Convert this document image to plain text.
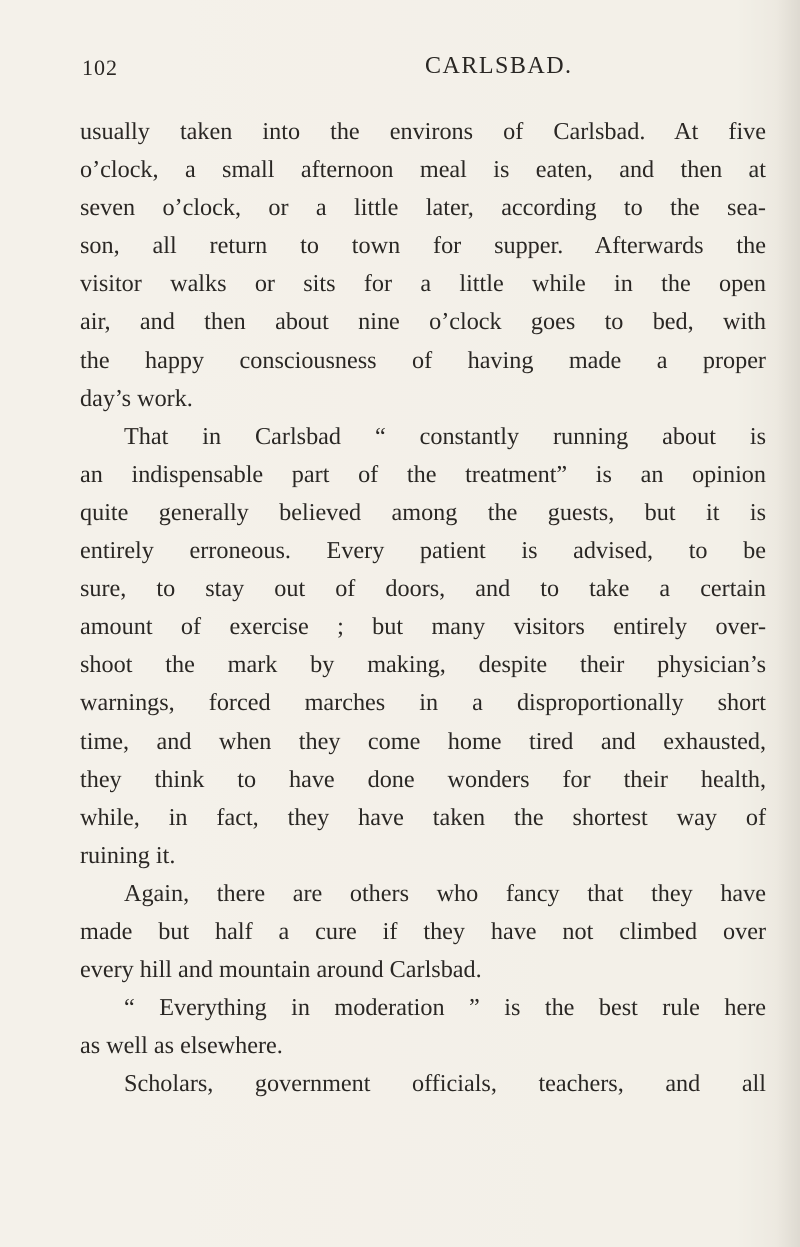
102	CARLSBAD.
usually taken into the environs of Carlsbad. At five
o’clock, a small afternoon meal is eaten, and then at
seven o’clock, or a little later, according to the sea-
son, all return to town for supper. Afterwards the
visitor walks or sits for a little while in the open
air, and then about nine o’clock goes to bed, with
the happy consciousness of having made a proper
day’s work.
That in Carlsbad “ constantly running about is
an indispensable part of the treatment” is an opinion
quite generally believed among the guests, but it is
entirely erroneous. Every patient is advised, to be
sure, to stay out of doors, and to take a certain
amount of exercise ; but many visitors entirely over-
shoot the mark by making, despite their physician’s
warnings, forced marches in a disproportionally short
time, and when they come home tired and exhausted,
they think to have done wonders for their health,
while, in fact, they have taken the shortest way of
ruining it.
Again, there are others who fancy that they have
made but half a cure if they have not climbed over
every hill and mountain around Carlsbad.
“ Everything in moderation ” is the best rule here
as well as elsewhere.
Scholars, government officials, teachers, and all
